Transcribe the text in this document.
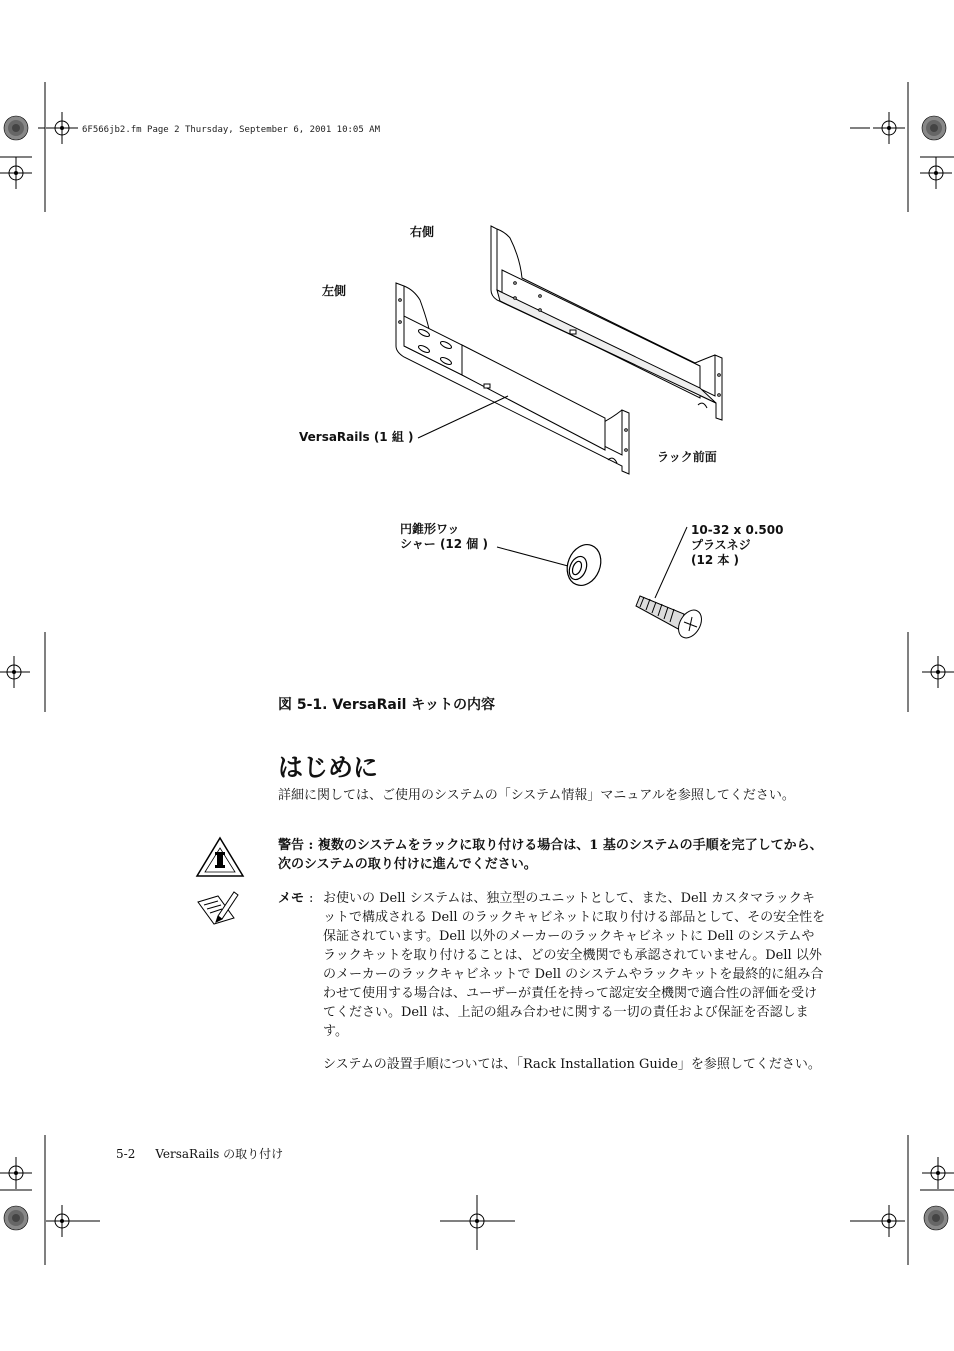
6F566jb2.fm Page 2 Thursday, September 6, 2001 10:05 AM
右側
左側
VersaRails (1 組 )
ラック前面
円錐形ワッ
シャー (12 個 )
10-32 x 0.500
プラスネジ
(12 本 )
図 5-1. VersaRail キットの内容
はじめに
詳細に関しては、ご使用のシステムの「システム情報」マニュアルを参照してください。
警告 : 複数のシステムをラックに取り付ける場合は、1 基のシステムの手順を完了してから、次のシステムの取り付けに進んでください。
メモ : お使いの Dell システムは、独立型のユニットとして、また、Dell カスタマラックキットで構成される Dell のラックキャビネットに取り付ける部品として、その安全性を保証されています。Dell 以外のメーカーのラックキャビネットに Dell のシステムやラックキットを取り付けることは、どの安全機関でも承認されていません。Dell 以外のメーカーのラックキャビネットで Dell のシステムやラックキットを最終的に組み合わせて使用する場合は、ユーザーが責任を持って認定安全機関で適合性の評価を受けてください。Dell は、上記の組み合わせに関する一切の責任および保証を否認します。
システムの設置手順については、「Rack Installation Guide」を参照してください。
5-2 VersaRails の取り付け
